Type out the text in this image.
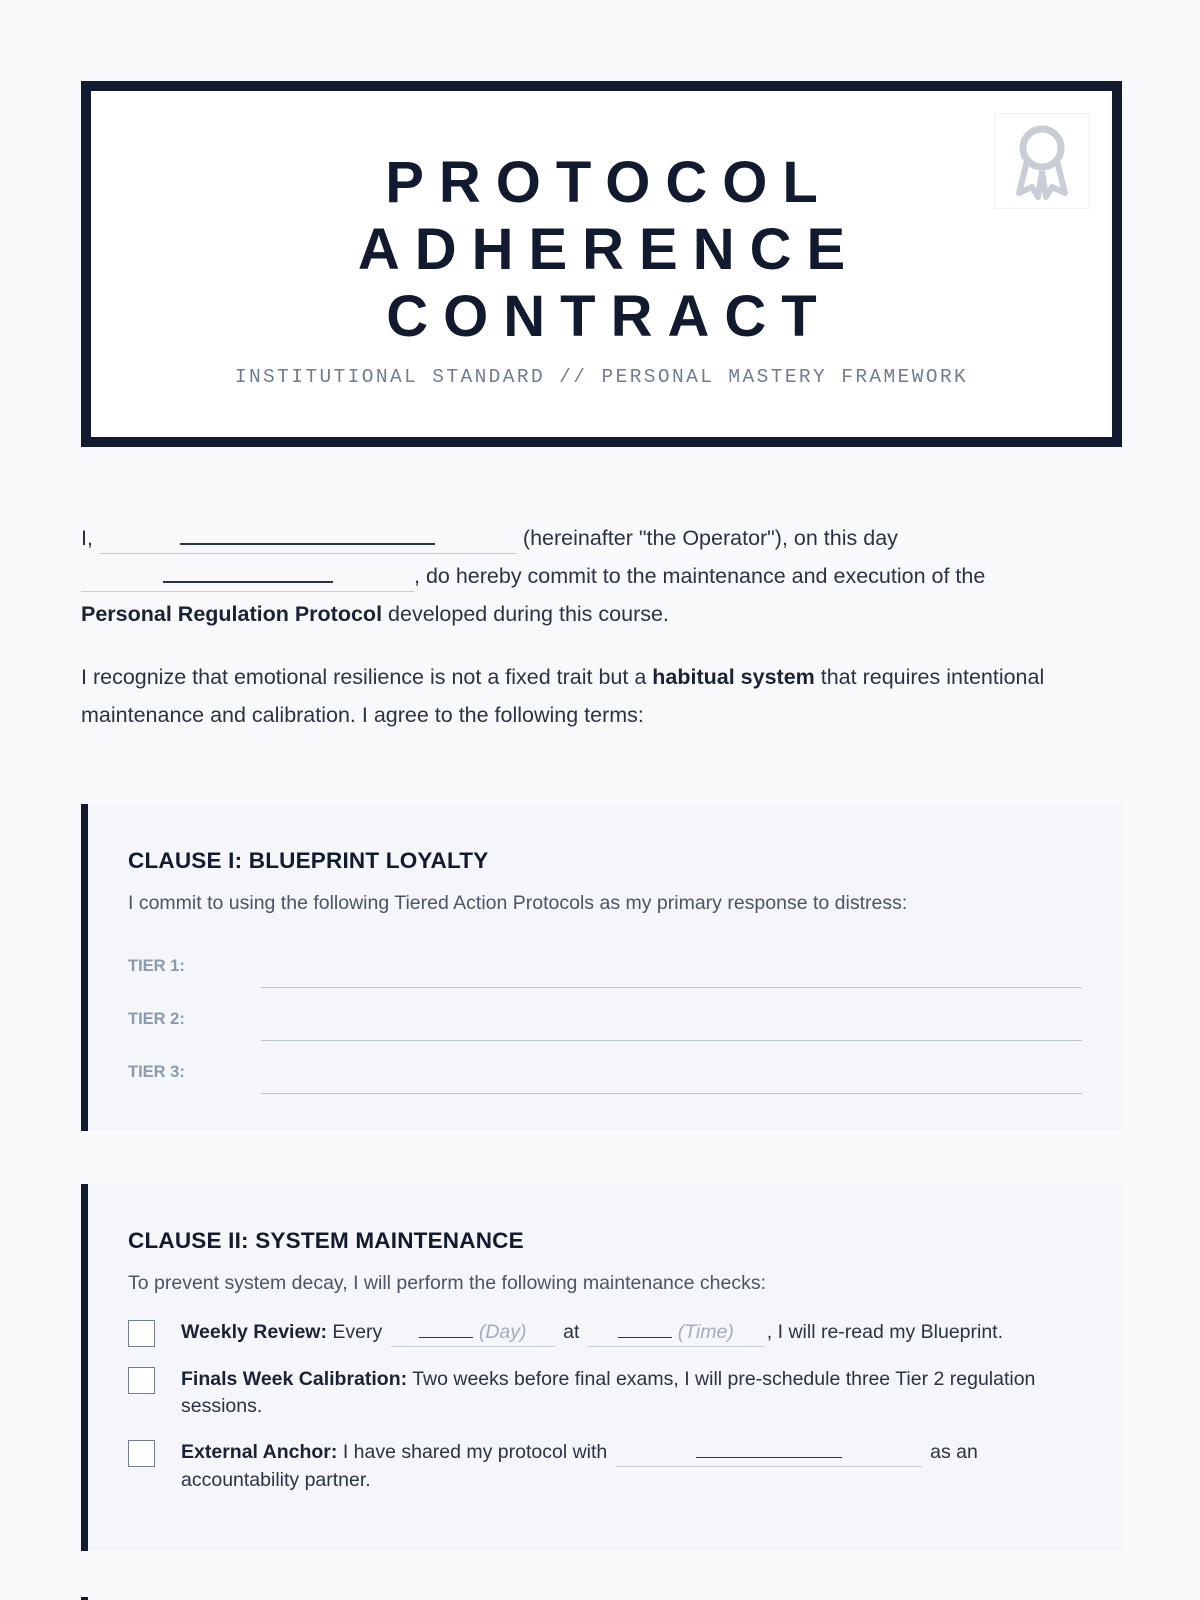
PROTOCOL
ADHERENCE
CONTRACT
INSTITUTIONAL STANDARD // PERSONAL MASTERY FRAMEWORK

I,	(hereinafter "the Operator"), on this day
, do hereby commit to the maintenance and execution of the
Personal Regulation Protocol developed during this course.

I recognize that emotional resilience is not a fixed trait but a habitual system that requires intentional maintenance and calibration. I agree to the following terms:

CLAUSE I: BLUEPRINT LOYALTY

I commit to using the following Tiered Action Protocols as my primary response to distress:

TIER 1:
TIER 2:
TIER 3:
CLAUSE II: SYSTEM MAINTENANCE

To prevent system decay, I will perform the following maintenance checks:

Weekly Review: Every	(Day) at	(Time) , I will re-read my Blueprint.
Finals Week Calibration: Two weeks before final exams, I will pre-schedule three Tier 2 regulation sessions.
External Anchor: I have shared my protocol with	as an accountability partner.
